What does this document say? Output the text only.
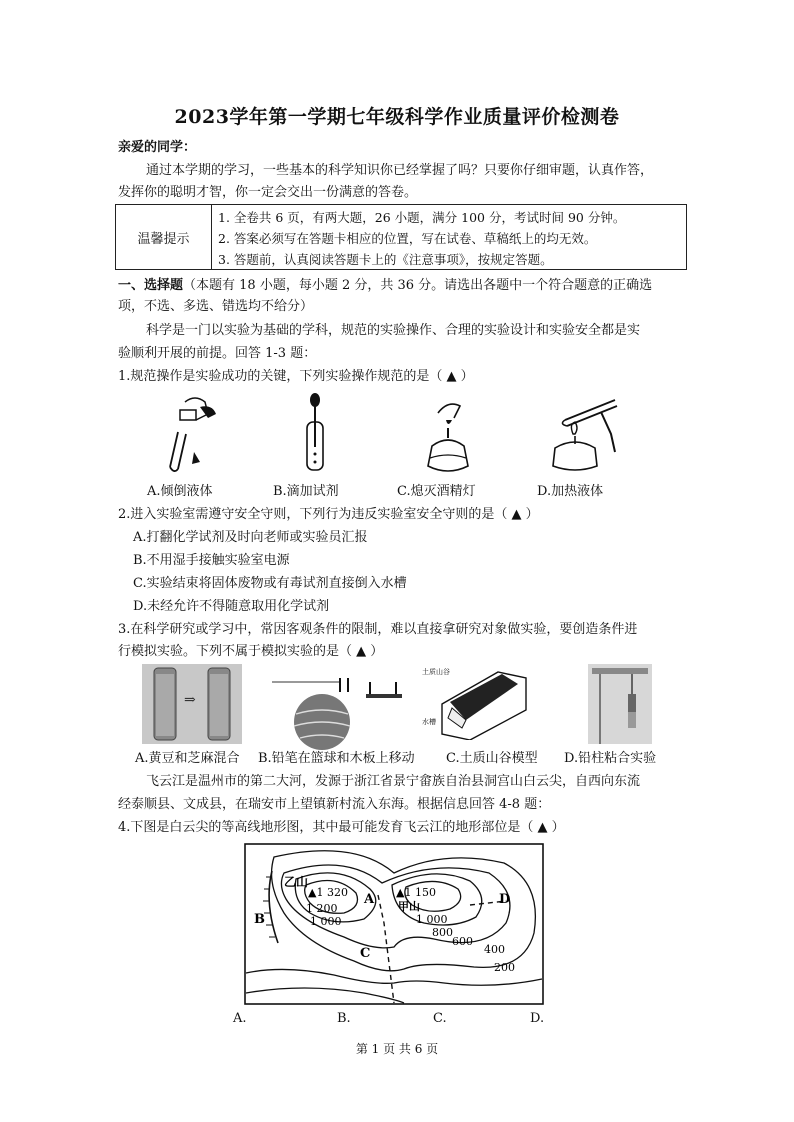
2023学年第一学期七年级科学作业质量评价检测卷
亲爱的同学：
通过本学期的学习，一些基本的科学知识你已经掌握了吗？只要你仔细审题，认真作答，
发挥你的聪明才智，你一定会交出一份满意的答卷。
温馨提示
1. 全卷共 6 页，有两大题，26 小题，满分 100 分，考试时间 90 分钟。
2. 答案必须写在答题卡相应的位置，写在试卷、草稿纸上的均无效。
3. 答题前，认真阅读答题卡上的《注意事项》，按规定答题。
一、选择题（本题有 18 小题，每小题 2 分，共 36 分。请选出各题中一个符合题意的正确选
项，不选、多选、错选均不给分）
科学是一门以实验为基础的学科，规范的实验操作、合理的实验设计和实验安全都是实
验顺利开展的前提。回答 1-3 题：
1.规范操作是实验成功的关键，下列实验操作规范的是（ ▲ ）
A.倾倒液体	B.滴加试剂	C.熄灭酒精灯	D.加热液体
2.进入实验室需遵守安全守则，下列行为违反实验室安全守则的是（ ▲ ）
A.打翻化学试剂及时向老师或实验员汇报
B.不用湿手接触实验室电源
C.实验结束将固体废物或有毒试剂直接倒入水槽
D.未经允许不得随意取用化学试剂
3.在科学研究或学习中，常因客观条件的限制，难以直接拿研究对象做实验，要创造条件进
行模拟实验。下列不属于模拟实验的是（ ▲ ）
⇒
土质山谷
水槽
A.黄豆和芝麻混合 B.铅笔在篮球和木板上移动 C.土质山谷模型 D.铅柱粘合实验
飞云江是温州市的第二大河，发源于浙江省景宁畲族自治县洞宫山白云尖，自西向东流
经泰顺县、文成县，在瑞安市上望镇新村流入东海。根据信息回答 4-8 题：
4.下图是白云尖的等高线地形图，其中最可能发育飞云江的地形部位是（ ▲ ）
乙山
▲1 320	▲1 150
甲山
1 200
1 000	1 000
800
600
400
200
A
B
C
D
A.	B.	C.	D.
第 1 页 共 6 页
